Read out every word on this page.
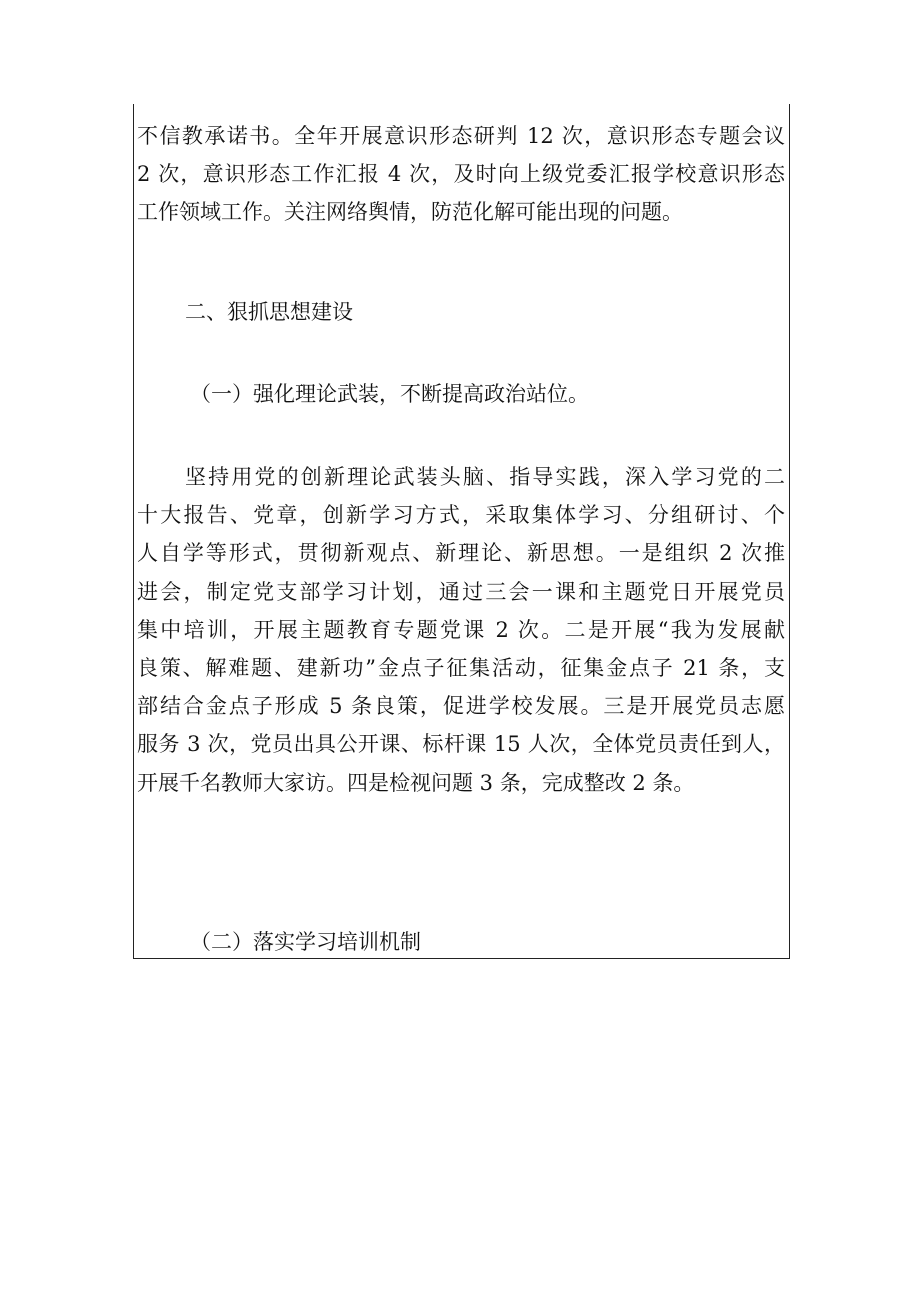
不信教承诺书。全年开展意识形态研判 12 次，意识形态专题会议
2 次，意识形态工作汇报 4 次，及时向上级党委汇报学校意识形态
工作领域工作。关注网络舆情，防范化解可能出现的问题。
二、狠抓思想建设
（一）强化理论武装，不断提高政治站位。
坚持用党的创新理论武装头脑、指导实践，深入学习党的二
十大报告、党章，创新学习方式，采取集体学习、分组研讨、个
人自学等形式，贯彻新观点、新理论、新思想。一是组织 2 次推
进会，制定党支部学习计划，通过三会一课和主题党日开展党员
集中培训，开展主题教育专题党课 2 次。二是开展“我为发展献
良策、解难题、建新功”金点子征集活动，征集金点子 21 条，支
部结合金点子形成 5 条良策，促进学校发展。三是开展党员志愿
服务 3 次，党员出具公开课、标杆课 15 人次，全体党员责任到人，
开展千名教师大家访。四是检视问题 3 条，完成整改 2 条。
（二）落实学习培训机制
